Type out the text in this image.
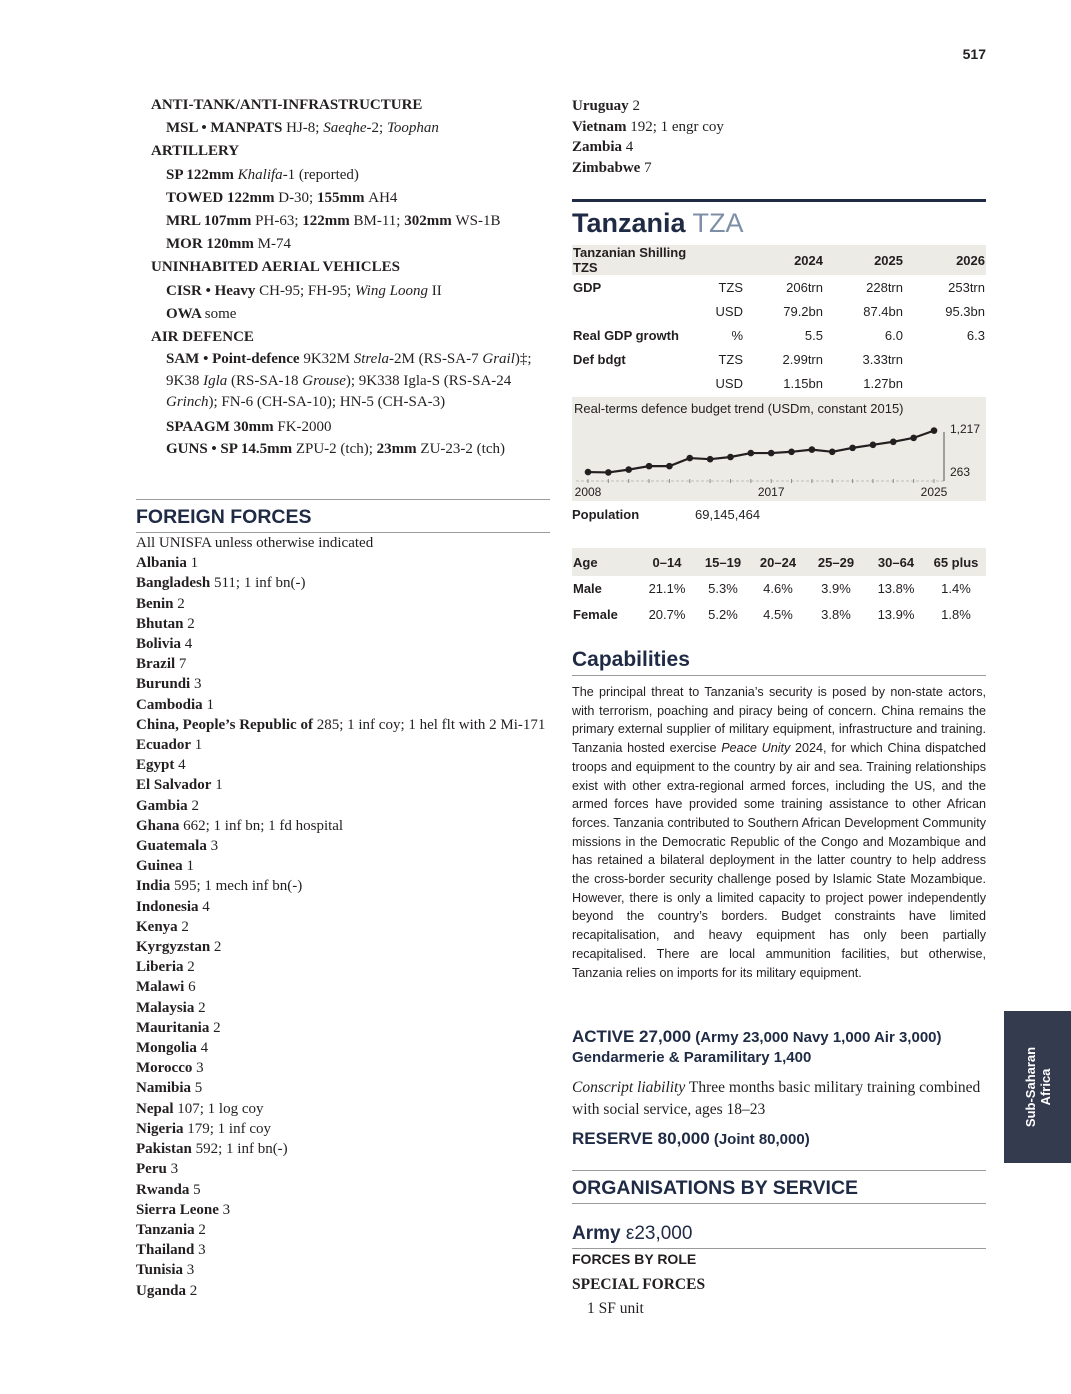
517
ANTI-TANK/ANTI-INFRASTRUCTURE
MSL • MANPATS HJ-8; Saeqhe-2; Toophan
ARTILLERY
SP 122mm Khalifa-1 (reported)
TOWED 122mm D-30; 155mm AH4
MRL 107mm PH-63; 122mm BM-11; 302mm WS-1B
MOR 120mm M-74
UNINHABITED AERIAL VEHICLES
CISR • Heavy CH-95; FH-95; Wing Loong II
OWA some
AIR DEFENCE
SAM • Point-defence 9K32M Strela-2M (RS-SA-7 Grail)‡; 9K38 Igla (RS-SA-18 Grouse); 9K338 Igla-S (RS-SA-24 Grinch); FN-6 (CH-SA-10); HN-5 (CH-SA-3)
SPAAGM 30mm FK-2000
GUNS • SP 14.5mm ZPU-2 (tch); 23mm ZU-23-2 (tch)
FOREIGN FORCES
All UNISFA unless otherwise indicated
Albania 1
Bangladesh 511; 1 inf bn(-)
Benin 2
Bhutan 2
Bolivia 4
Brazil 7
Burundi 3
Cambodia 1
China, People’s Republic of 285; 1 inf coy; 1 hel flt with 2 Mi-171
Ecuador 1
Egypt 4
El Salvador 1
Gambia 2
Ghana 662; 1 inf bn; 1 fd hospital
Guatemala 3
Guinea 1
India 595; 1 mech inf bn(-)
Indonesia 4
Kenya 2
Kyrgyzstan 2
Liberia 2
Malawi 6
Malaysia 2
Mauritania 2
Mongolia 4
Morocco 3
Namibia 5
Nepal 107; 1 log coy
Nigeria 179; 1 inf coy
Pakistan 592; 1 inf bn(-)
Peru 3
Rwanda 5
Sierra Leone 3
Tanzania 2
Thailand 3
Tunisia 3
Uganda 2
Uruguay 2
Vietnam 192; 1 engr coy
Zambia 4
Zimbabwe 7
Tanzania TZA
Tanzanian Shilling TZS		2024	2025	2026
GDP	TZS	206trn	228trn	253trn
	USD	79.2bn	87.4bn	95.3bn
Real GDP growth	%	5.5	6.0	6.3
Def bdgt	TZS	2.99trn	3.33trn	
	USD	1.15bn	1.27bn	
Real-terms defence budget trend (USDm, constant 2015)
2008	2017	2025
1,217
263
Population	69,145,464
Age	0–14	15–19	20–24	25–29	30–64	65 plus
Male	21.1%	5.3%	4.6%	3.9%	13.8%	1.4%
Female	20.7%	5.2%	4.5%	3.8%	13.9%	1.8%
Capabilities
The principal threat to Tanzania’s security is posed by non-state actors, with terrorism, poaching and piracy being of concern. China remains the primary external supplier of military equipment, infrastructure and training. Tanzania hosted exercise Peace Unity 2024, for which China dispatched troops and equipment to the country by air and sea. Training relationships exist with other extra-regional armed forces, including the US, and the armed forces have provided some training assistance to other African forces. Tanzania contributed to Southern African Development Community missions in the Democratic Republic of the Congo and Mozambique and has retained a bilateral deployment in the latter country to help address the cross-border security challenge posed by Islamic State Mozambique. However, there is only a limited capacity to project power independently beyond the country’s borders. Budget constraints have limited recapitalisation, and heavy equipment has only been partially recapitalised. There are local ammunition facilities, but otherwise, Tanzania relies on imports for its military equipment.
ACTIVE 27,000 (Army 23,000 Navy 1,000 Air 3,000)
Gendarmerie & Paramilitary 1,400
Conscript liability Three months basic military training combined with social service, ages 18–23
RESERVE 80,000 (Joint 80,000)
ORGANISATIONS BY SERVICE
Army ε23,000
FORCES BY ROLE
SPECIAL FORCES
1 SF unit
Sub-Saharan Africa
